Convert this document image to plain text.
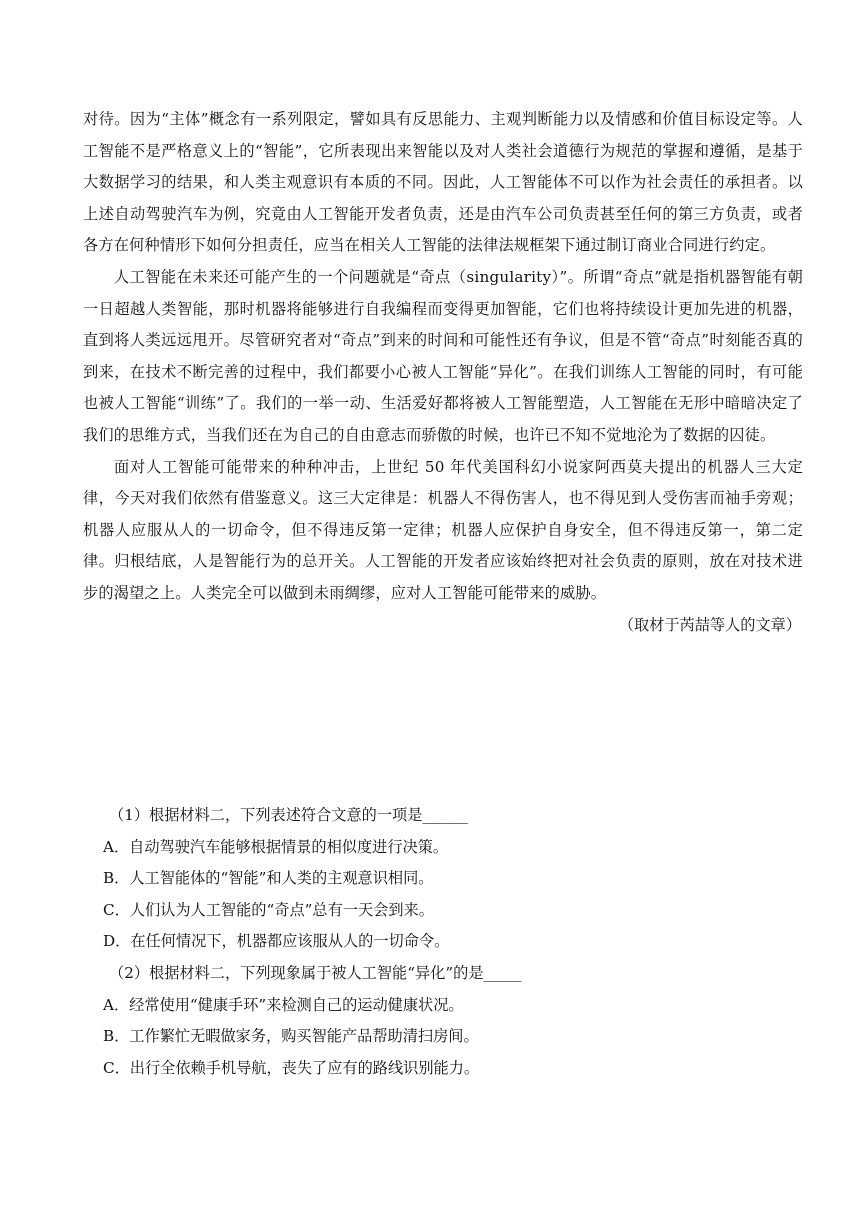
对待。因为“主体”概念有一系列限定，譬如具有反思能力、主观判断能力以及情感和价值目标设定等。人工智能不是严格意义上的“智能”，它所表现出来智能以及对人类社会道德行为规范的掌握和遵循，是基于大数据学习的结果，和人类主观意识有本质的不同。因此，人工智能体不可以作为社会责任的承担者。以上述自动驾驶汽车为例，究竟由人工智能开发者负责，还是由汽车公司负责甚至任何的第三方负责，或者各方在何种情形下如何分担责任，应当在相关人工智能的法律法规框架下通过制订商业合同进行约定。

人工智能在未来还可能产生的一个问题就是“奇点（singularity）”。所谓“奇点”就是指机器智能有朝一日超越人类智能，那时机器将能够进行自我编程而变得更加智能，它们也将持续设计更加先进的机器，直到将人类远远甩开。尽管研究者对“奇点”到来的时间和可能性还有争议，但是不管“奇点”时刻能否真的到来，在技术不断完善的过程中，我们都要小心被人工智能“异化”。在我们训练人工智能的同时，有可能也被人工智能“训练”了。我们的一举一动、生活爱好都将被人工智能塑造，人工智能在无形中暗暗决定了我们的思维方式，当我们还在为自己的自由意志而骄傲的时候，也许已不知不觉地沦为了数据的囚徒。

面对人工智能可能带来的种种冲击，上世纪 50 年代美国科幻小说家阿西莫夫提出的机器人三大定律，今天对我们依然有借鉴意义。这三大定律是：机器人不得伤害人，也不得见到人受伤害而袖手旁观；机器人应服从人的一切命令，但不得违反第一定律；机器人应保护自身安全，但不得违反第一，第二定律。归根结底，人是智能行为的总开关。人工智能的开发者应该始终把对社会负责的原则，放在对技术进步的渴望之上。人类完全可以做到未雨绸缪，应对人工智能可能带来的威胁。

（取材于芮喆等人的文章）

（1）根据材料二，下列表述符合文意的一项是______

A．自动驾驶汽车能够根据情景的相似度进行决策。

B．人工智能体的“智能”和人类的主观意识相同。

C．人们认为人工智能的“奇点”总有一天会到来。

D．在任何情况下，机器都应该服从人的一切命令。

（2）根据材料二，下列现象属于被人工智能“异化”的是_____

A．经常使用“健康手环”来检测自己的运动健康状况。

B．工作繁忙无暇做家务，购买智能产品帮助清扫房间。

C．出行全依赖手机导航，丧失了应有的路线识别能力。
